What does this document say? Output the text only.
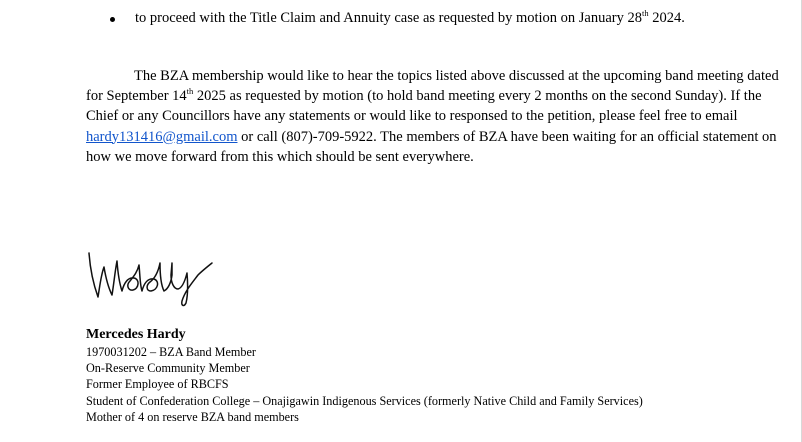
to proceed with the Title Claim and Annuity case as requested by motion on January 28th 2024.
The BZA membership would like to hear the topics listed above discussed at the upcoming band meeting dated for September 14th 2025 as requested by motion (to hold band meeting every 2 months on the second Sunday). If the Chief or any Councillors have any statements or would like to responsed to the petition, please feel free to email hardy131416@gmail.com or call (807)-709-5922. The members of BZA have been waiting for an official statement on how we move forward from this which should be sent everywhere.
Mercedes Hardy
1970031202 – BZA Band Member
On-Reserve Community Member
Former Employee of RBCFS
Student of Confederation College – Onajigawin Indigenous Services (formerly Native Child and Family Services)
Mother of 4 on reserve BZA band members
